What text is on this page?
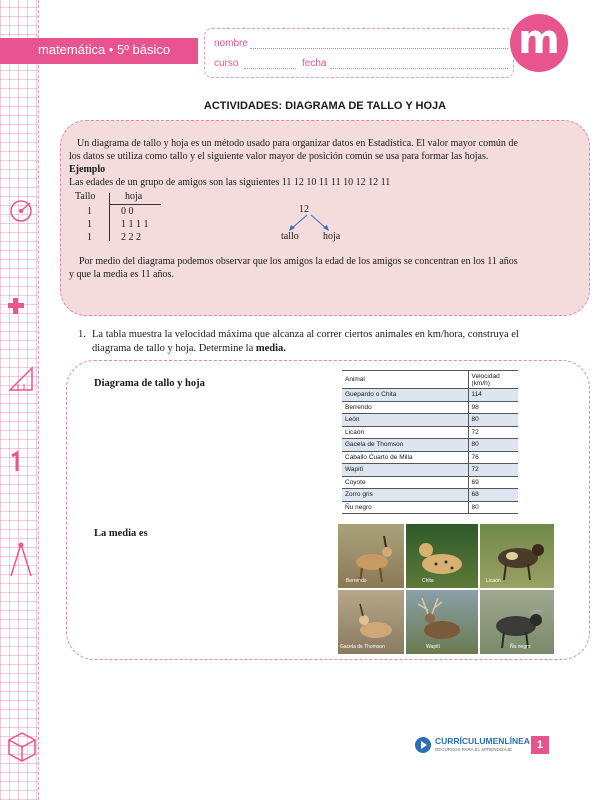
matemática • 5º básico	nombre
curso	fecha
m
ACTIVIDADES: DIAGRAMA DE TALLO Y HOJA
Un diagrama de tallo y hoja es un método usado para organizar datos en Estadística. El valor mayor común de
los datos se utiliza como tallo y el siguiente valor mayor de posición común se usa para formar las hojas.
Ejemplo
Las edades de un grupo de amigos son las siguientes 11 12 10 11 11 10 12 12 11
Tallo	hoja
1	0 0
1	1 1 1 1
1	2 2 2
12
tallo hoja
Por medio del diagrama podemos observar que los amigos la edad de los amigos se concentran en los 11 años
y que la media es 11 años.
1. La tabla muestra la velocidad máxima que alcanza al correr ciertos animales en km/hora, construya el
diagrama de tallo y hoja. Determine la media.
Diagrama de tallo y hoja
La media es
Animal	Velocidad (km/h)
Guepardo o Chita	114
Berrendo	98
León	80
Licaón	72
Gacela de Thomson	80
Caballo Cuarto de Milla	76
Wapití	72
Coyote	69
Zorro gris	68
Ñu negro	80
Berrendo	Chita	Licaón
Gacela de Thomson	Wapití	Ñu negro
CURRÍCULUMENLÍNEA
RECURSOS PARA EL APRENDIZAJE	1
